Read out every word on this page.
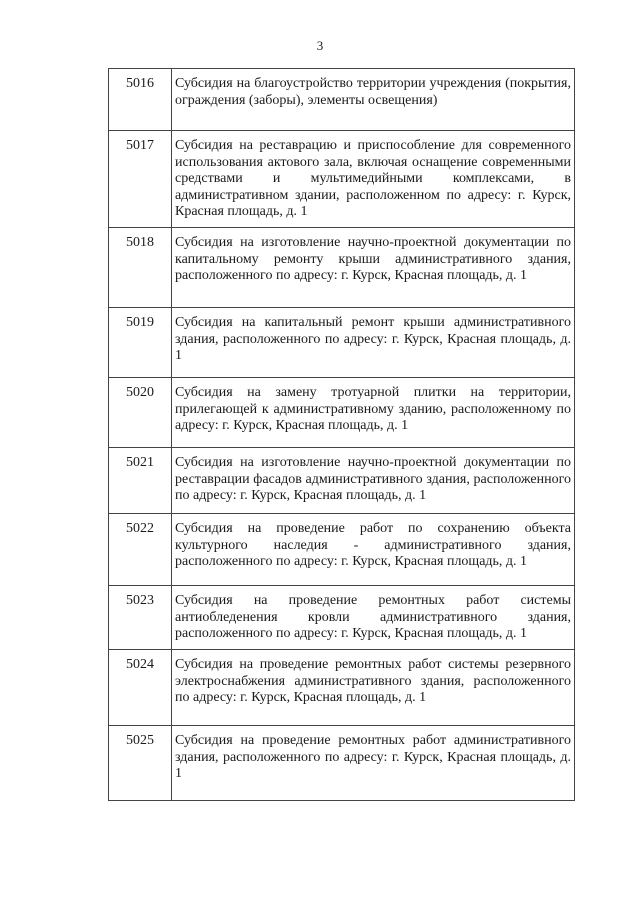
3
5016	Субсидия на благоустройство территории учреждения (покрытия, ограждения (заборы), элементы освещения)
5017	Субсидия на реставрацию и приспособление для современного использования актового зала, включая оснащение современными средствами и мультимедийными комплексами, в административном здании, расположенном по адресу: г. Курск, Красная площадь, д. 1
5018	Субсидия на изготовление научно-проектной документации по капитальному ремонту крыши административного здания, расположенного по адресу: г. Курск, Красная площадь, д. 1
5019	Субсидия на капитальный ремонт крыши административного здания, расположенного по адресу: г. Курск, Красная площадь, д. 1
5020	Субсидия на замену тротуарной плитки на территории, прилегающей к административному зданию, расположенному по адресу: г. Курск, Красная площадь, д. 1
5021	Субсидия на изготовление научно-проектной документации по реставрации фасадов административного здания, расположенного по адресу: г. Курск, Красная площадь, д. 1
5022	Субсидия на проведение работ по сохранению объекта культурного наследия - административного здания, расположенного по адресу: г. Курск, Красная площадь, д. 1
5023	Субсидия на проведение ремонтных работ системы антиобледенения кровли административного здания, расположенного по адресу: г. Курск, Красная площадь, д. 1
5024	Субсидия на проведение ремонтных работ системы резервного электроснабжения административного здания, расположенного по адресу: г. Курск, Красная площадь, д. 1
5025	Субсидия на проведение ремонтных работ административного здания, расположенного по адресу: г. Курск, Красная площадь, д. 1
